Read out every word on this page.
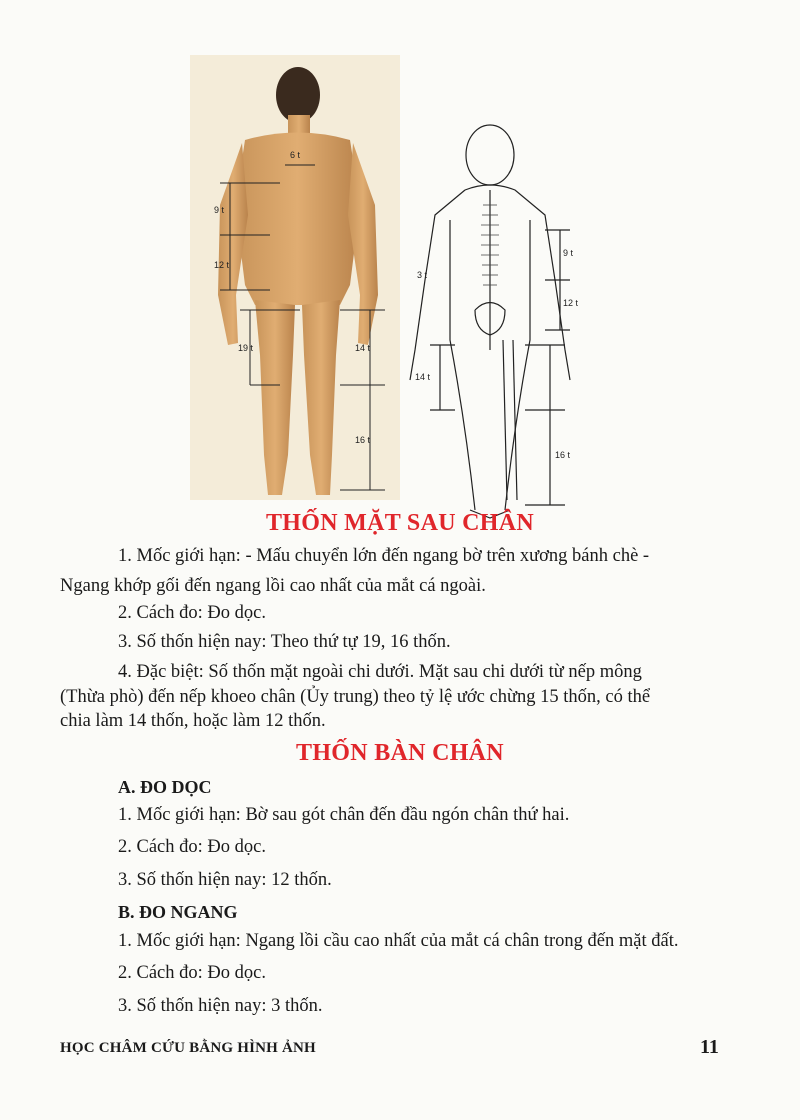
6 t
9 t
12 t
19 t	14 t
16 t
3 t
9 t
12 t
14 t
16 t
THỐN MẶT SAU CHÂN

1. Mốc giới hạn: - Mấu chuyển lớn đến ngang bờ trên xương bánh chè -

Ngang khớp gối đến ngang lồi cao nhất của mắt cá ngoài.

2. Cách đo: Đo dọc.

3. Số thốn hiện nay: Theo thứ tự 19, 16 thốn.

4. Đặc biệt: Số thốn mặt ngoài chi dưới. Mặt sau chi dưới từ nếp mông

(Thừa phò) đến nếp khoeo chân (Ủy trung) theo tỷ lệ ước chừng 15 thốn, có thể

chia làm 14 thốn, hoặc làm 12 thốn.

THỐN BÀN CHÂN
A. ĐO DỌC

1. Mốc giới hạn: Bờ sau gót chân đến đầu ngón chân thứ hai.

2. Cách đo: Đo dọc.

3. Số thốn hiện nay: 12 thốn.

B. ĐO NGANG

1. Mốc giới hạn: Ngang lồi cầu cao nhất của mắt cá chân trong đến mặt đất.

2. Cách đo: Đo dọc.

3. Số thốn hiện nay: 3 thốn.

HỌC CHÂM CỨU BẰNG HÌNH ẢNH	11
